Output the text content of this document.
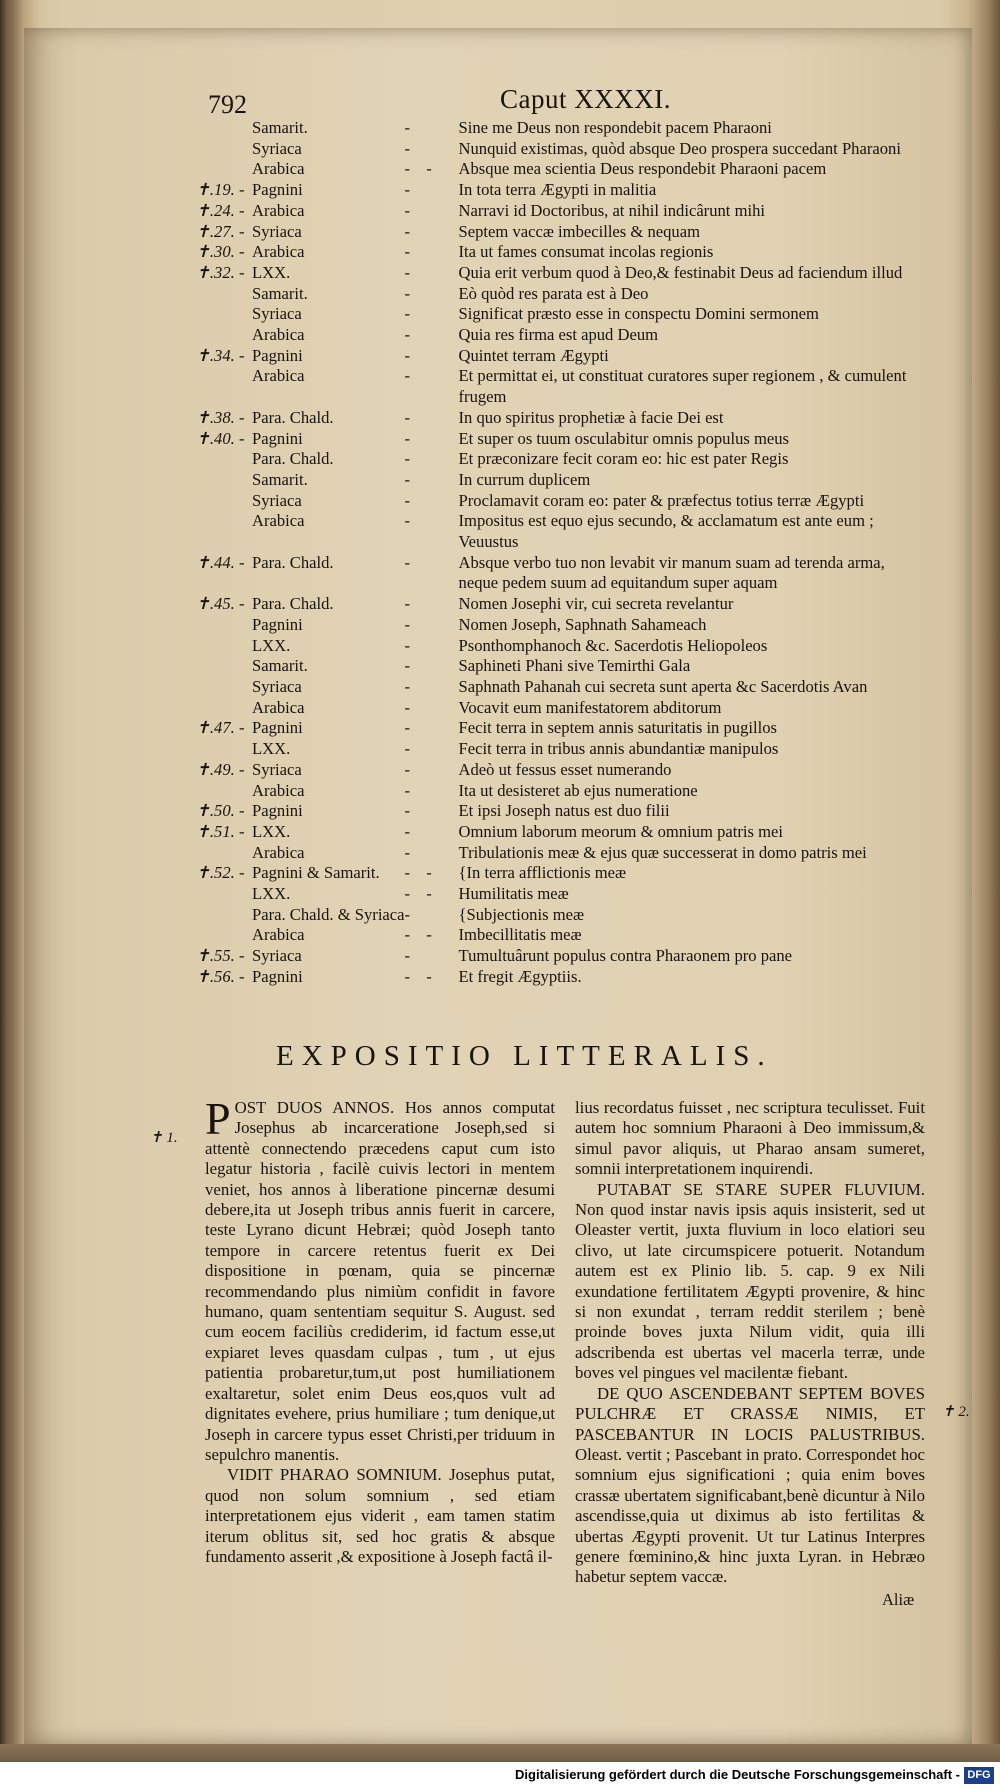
792	Caput XXXXI.
	Samarit.	-	Sine me Deus non respondebit pacem Pharaoni
	Syriaca	-	Nunquid existimas, quòd absque Deo prospera succedant Pharaoni
	Arabica	- -	Absque mea scientia Deus respondebit Pharaoni pacem
✝.19. -	Pagnini	-	In tota terra Ægypti in malitia
✝.24. -	Arabica	-	Narravi id Doctoribus, at nihil indicârunt mihi
✝.27. -	Syriaca	-	Septem vaccæ imbecilles & nequam
✝.30. -	Arabica	-	Ita ut fames consumat incolas regionis
✝.32. -	LXX.	-	Quia erit verbum quod à Deo,& festinabit Deus ad faciendum illud
	Samarit.	-	Eò quòd res parata est à Deo
	Syriaca	-	Significat præsto esse in conspectu Domini sermonem
	Arabica	-	Quia res firma est apud Deum
✝.34. -	Pagnini	-	Quintet terram Ægypti
	Arabica	-	Et permittat ei, ut constituat curatores super regionem , & cumulent frugem
✝.38. -	Para. Chald.	-	In quo spiritus prophetiæ à facie Dei est
✝.40. -	Pagnini	-	Et super os tuum osculabitur omnis populus meus
	Para. Chald.	-	Et præconizare fecit coram eo: hic est pater Regis
	Samarit.	-	In currum duplicem
	Syriaca	-	Proclamavit coram eo: pater & præfectus totius terræ Ægypti
	Arabica	-	Impositus est equo ejus secundo, & acclamatum est ante eum ; Veuustus
✝.44. -	Para. Chald.	-	Absque verbo tuo non levabit vir manum suam ad terenda arma, neque pedem suum ad equitandum super aquam
✝.45. -	Para. Chald.	-	Nomen Josephi vir, cui secreta revelantur
	Pagnini	-	Nomen Joseph, Saphnath Sahameach
	LXX.	-	Psonthomphanoch &c. Sacerdotis Heliopoleos
	Samarit.	-	Saphineti Phani sive Temirthi Gala
	Syriaca	-	Saphnath Pahanah cui secreta sunt aperta &c Sacerdotis Avan
	Arabica	-	Vocavit eum manifestatorem abditorum
✝.47. -	Pagnini	-	Fecit terra in septem annis saturitatis in pugillos
	LXX.	-	Fecit terra in tribus annis abundantiæ manipulos
✝.49. -	Syriaca	-	Adeò ut fessus esset numerando
	Arabica	-	Ita ut desisteret ab ejus numeratione
✝.50. -	Pagnini	-	Et ipsi Joseph natus est duo filii
✝.51. -	LXX.	-	Omnium laborum meorum & omnium patris mei
	Arabica	-	Tribulationis meæ & ejus quæ successerat in domo patris mei
✝.52. -	Pagnini & Samarit.	- -	{In terra afflictionis meæ
	LXX.	- -	Humilitatis meæ
	Para. Chald. & Syriaca	-	{Subjectionis meæ
	Arabica	- -	Imbecillitatis meæ
✝.55. -	Syriaca	-	Tumultuârunt populus contra Pharaonem pro pane
✝.56. -	Pagnini	- -	Et fregit Ægyptiis.
EXPOSITIO LITTERALIS.
✝ 1.
✝ 2.

POST DUOS ANNOS. Hos annos computat Josephus ab incarceratione Joseph,sed si attentè connectendo præcedens caput cum isto legatur historia , facilè cuivis lectori in mentem veniet, hos annos à liberatione pincernæ desumi debere,ita ut Joseph tribus annis fuerit in carcere, teste Lyrano dicunt Hebræi; quòd Joseph tanto tempore in carcere retentus fuerit ex Dei dispositione in pœnam, quia se pincernæ recommendando plus nimiùm confidit in favore humano, quam sententiam sequitur S. August. sed cum eocem faciliùs crediderim, id factum esse,ut expiaret leves quasdam culpas , tum , ut ejus patientia probaretur,tum,ut post humiliationem exaltaretur, solet enim Deus eos,quos vult ad dignitates evehere, prius humiliare ; tum denique,ut Joseph in carcere typus esset Christi,per triduum in sepulchro manentis.

VIDIT PHARAO SOMNIUM. Josephus putat, quod non solum somnium , sed etiam interpretationem ejus viderit , eam tamen statim iterum oblitus sit, sed hoc gratis & absque fundamento asserit ,& expositione à Joseph factâ il-

lius recordatus fuisset , nec scriptura teculisset. Fuit autem hoc somnium Pharaoni à Deo immissum,& simul pavor aliquis, ut Pharao ansam sumeret, somnii interpretationem inquirendi.

PUTABAT SE STARE SUPER FLUVIUM. Non quod instar navis ipsis aquis insisterit, sed ut Oleaster vertit, juxta fluvium in loco elatiori seu clivo, ut late circumspicere potuerit. Notandum autem est ex Plinio lib. 5. cap. 9 ex Nili exundatione fertilitatem Ægypti provenire, & hinc si non exundat , terram reddit sterilem ; benè proinde boves juxta Nilum vidit, quia illi adscribenda est ubertas vel macerla terræ, unde boves vel pingues vel macilentæ fiebant.

DE QUO ASCENDEBANT SEPTEM BOVES PULCHRÆ ET CRASSÆ NIMIS, ET PASCEBANTUR IN LOCIS PALUSTRIBUS. Oleast. vertit ; Pascebant in prato. Correspondet hoc somnium ejus significationi ; quia enim boves crassæ ubertatem significabant,benè dicuntur à Nilo ascendisse,quia ut diximus ab isto fertilitas & ubertas Ægypti provenit. Ut tur Latinus Interpres genere fœminino,& hinc juxta Lyran. in Hebræo habetur septem vaccæ.

Aliæ
Digitalisierung gefördert durch die Deutsche Forschungsgemeinschaft - DFG
